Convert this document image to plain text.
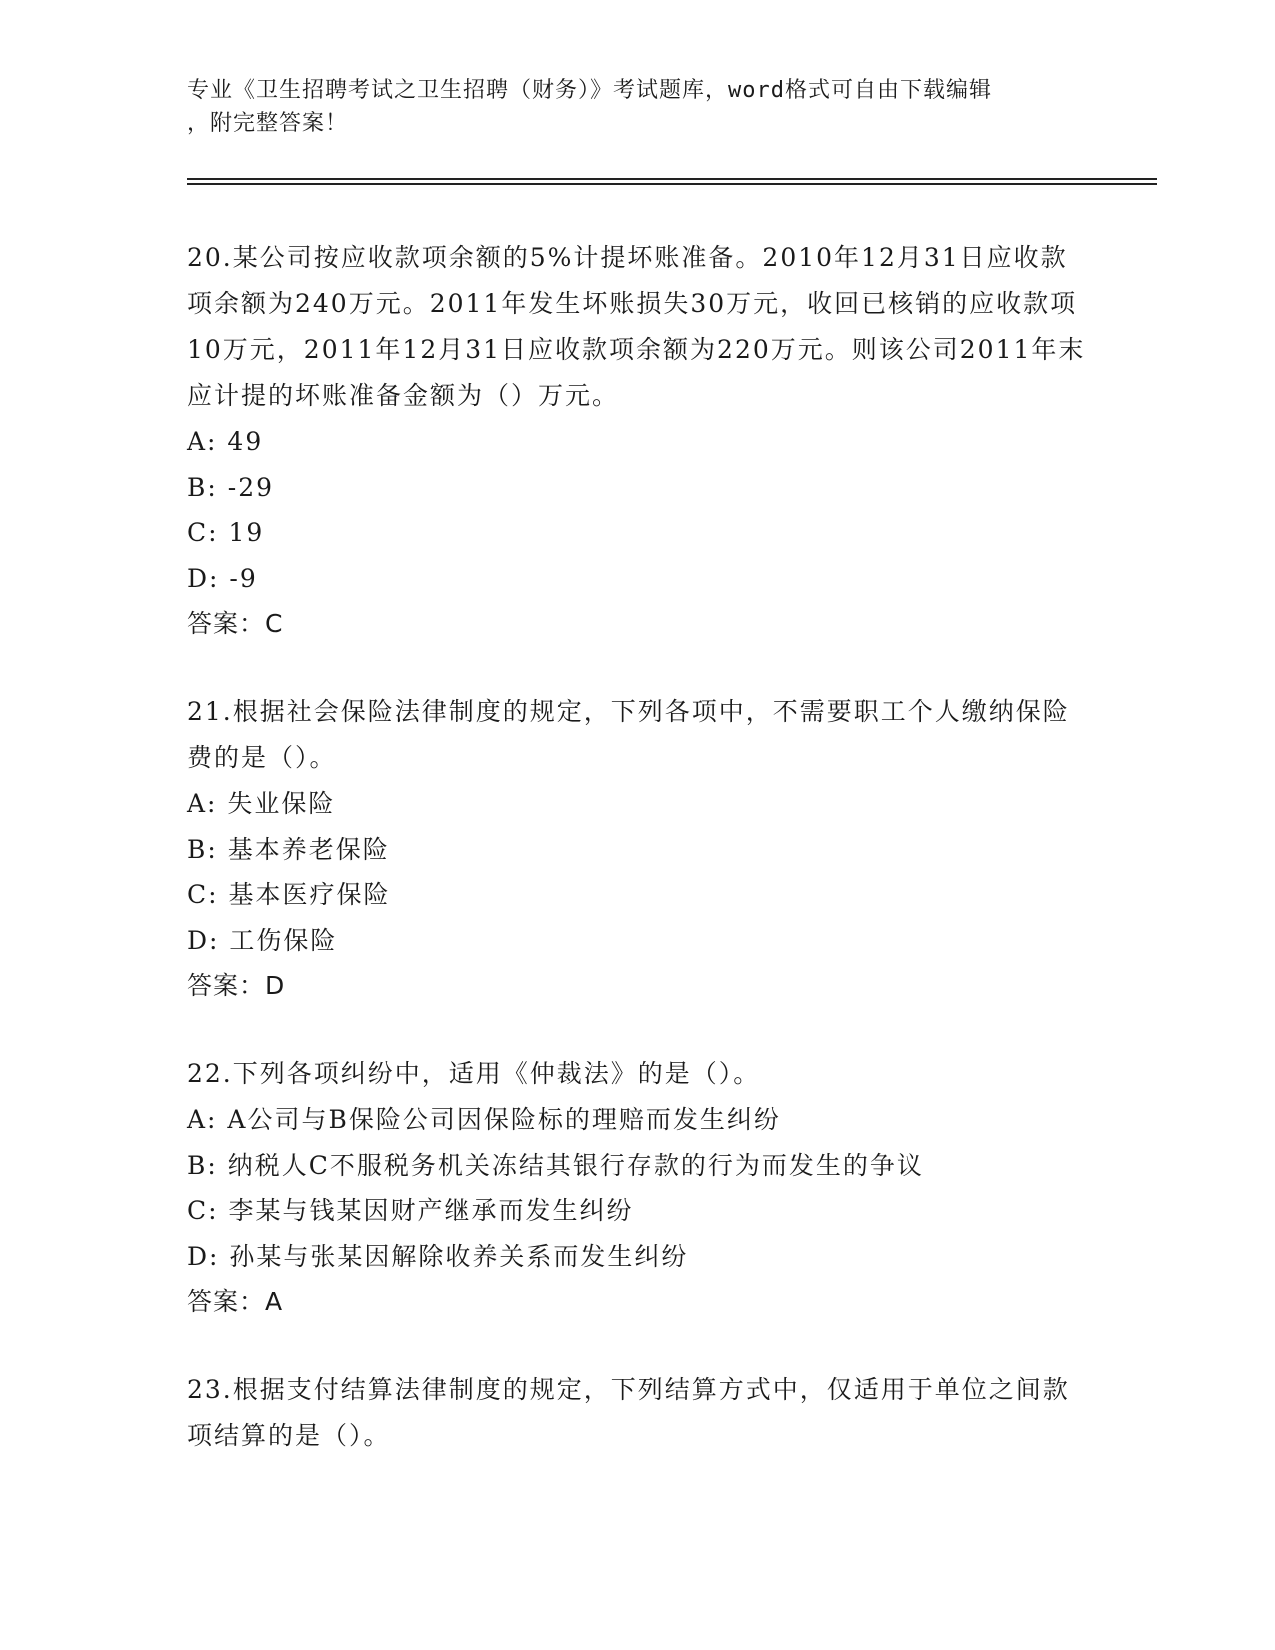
专业《卫生招聘考试之卫生招聘（财务）》考试题库，word格式可自由下载编辑
，附完整答案！
20.某公司按应收款项余额的5%计提坏账准备。2010年12月31日应收款项余额为240万元。2011年发生坏账损失30万元，收回已核销的应收款项10万元，2011年12月31日应收款项余额为220万元。则该公司2011年末应计提的坏账准备金额为（）万元。
A: 49
B: -29
C: 19
D: -9
答案：C
21.根据社会保险法律制度的规定，下列各项中，不需要职工个人缴纳保险费的是（）。
A: 失业保险
B: 基本养老保险
C: 基本医疗保险
D: 工伤保险
答案：D
22.下列各项纠纷中，适用《仲裁法》的是（）。
A: A公司与B保险公司因保险标的理赔而发生纠纷
B: 纳税人C不服税务机关冻结其银行存款的行为而发生的争议
C: 李某与钱某因财产继承而发生纠纷
D: 孙某与张某因解除收养关系而发生纠纷
答案：A
23.根据支付结算法律制度的规定，下列结算方式中，仅适用于单位之间款项结算的是（）。
